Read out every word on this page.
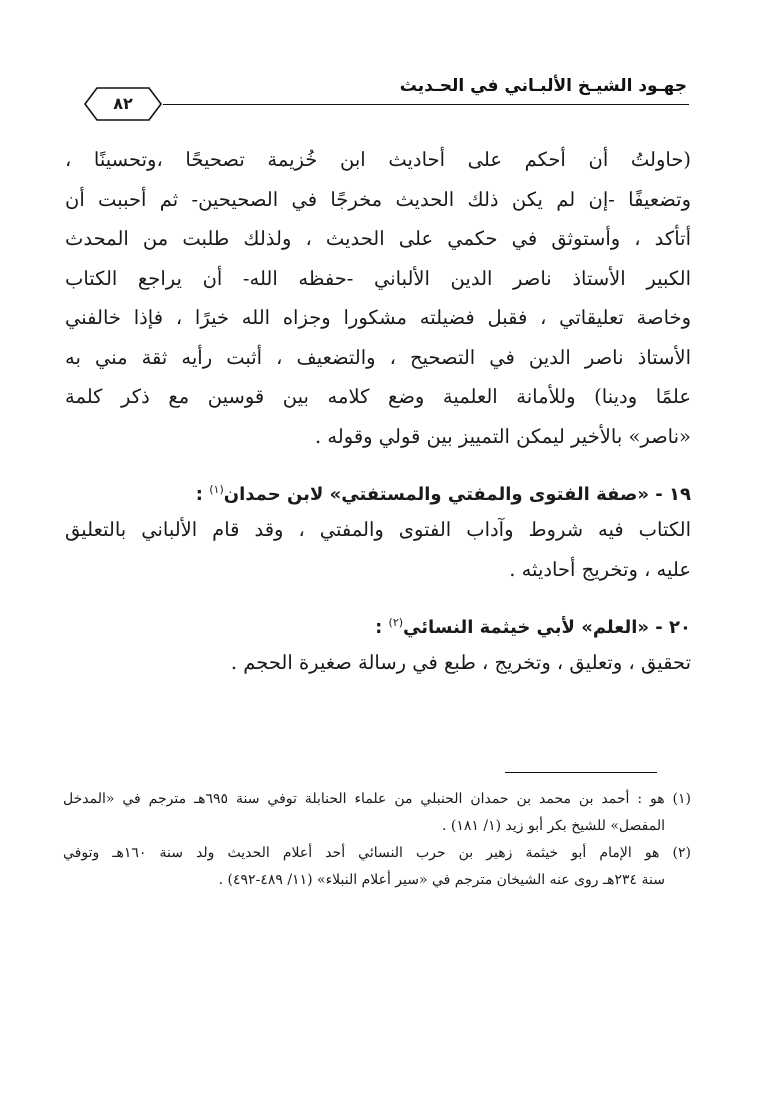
جهـود الشيـخ الألبـاني في الحـديث
٨٢
(حاولتُ أن أحكم على أحاديث ابن خُزيمة تصحيحًا ،وتحسينًا ،
وتضعيفًا -إن لم يكن ذلك الحديث مخرجًا في الصحيحين- ثم أحببت أن
أتأكد ، وأستوثق في حكمي على الحديث ، ولذلك طلبت من المحدث
الكبير الأستاذ ناصر الدين الألباني -حفظه الله- أن يراجع الكتاب
وخاصة تعليقاتي ، فقبل فضيلته مشكورا وجزاه الله خيرًا ، فإذا خالفني
الأستاذ ناصر الدين في التصحيح ، والتضعيف ، أثبت رأيه ثقة مني به
علمًا ودينا) وللأمانة العلمية وضع كلامه بين قوسين مع ذكر كلمة
«ناصر» بالأخير ليمكن التمييز بين قولي وقوله .
١٩ - «صفة الفتوى والمفتي والمستفتي» لابن حمدان$^{(١)}$ :
الكتاب فيه شروط وآداب الفتوى والمفتي ، وقد قام الألباني بالتعليق
عليه ، وتخريج أحاديثه .
٢٠ - «العلم» لأبي خيثمة النسائي$^{(٢)}$ :
تحقيق ، وتعليق ، وتخريج ، طبع في رسالة صغيرة الحجم .
(١) هو : أحمد بن محمد بن حمدان الحنبلي من علماء الحنابلة توفي سنة ٦٩٥هـ مترجم في «المدخل
المفصل» للشيخ بكر أبو زيد (١/ ١٨١) .
(٢) هو الإمام أبو خيثمة زهير بن حرب النسائي أحد أعلام الحديث ولد سنة ١٦٠هـ وتوفي
سنة ٢٣٤هـ روى عنه الشيخان مترجم في «سير أعلام النبلاء» (١١/ ٤٨٩-٤٩٢) .
